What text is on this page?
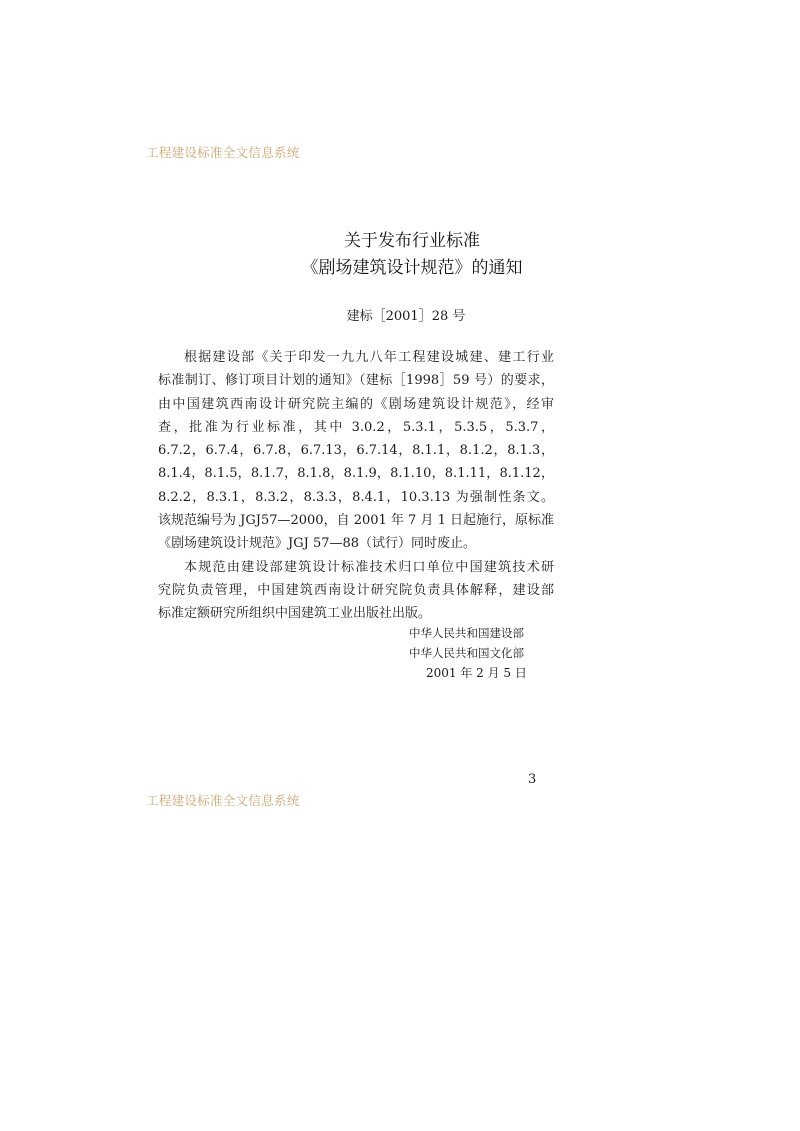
工程建设标准全文信息系统
关于发布行业标准
《剧场建筑设计规范》的通知
建标［2001］28 号
根据建设部《关于印发一九九八年工程建设城建、建工行业
标准制订、修订项目计划的通知》（建标［1998］59 号）的要求，
由中国建筑西南设计研究院主编的《剧场建筑设计规范》，经审
查，批准为行业标准，其中 3.0.2，5.3.1，5.3.5，5.3.7，
6.7.2，6.7.4，6.7.8，6.7.13，6.7.14，8.1.1，8.1.2，8.1.3，
8.1.4，8.1.5，8.1.7，8.1.8，8.1.9，8.1.10，8.1.11，8.1.12，
8.2.2，8.3.1，8.3.2，8.3.3，8.4.1，10.3.13 为强制性条文。
该规范编号为 JGJ57—2000，自 2001 年 7 月 1 日起施行，原标准
《剧场建筑设计规范》JGJ 57—88（试行）同时废止。
本规范由建设部建筑设计标准技术归口单位中国建筑技术研
究院负责管理，中国建筑西南设计研究院负责具体解释，建设部
标准定额研究所组织中国建筑工业出版社出版。
中华人民共和国建设部
中华人民共和国文化部
2001 年 2 月 5 日
3
工程建设标准全文信息系统
